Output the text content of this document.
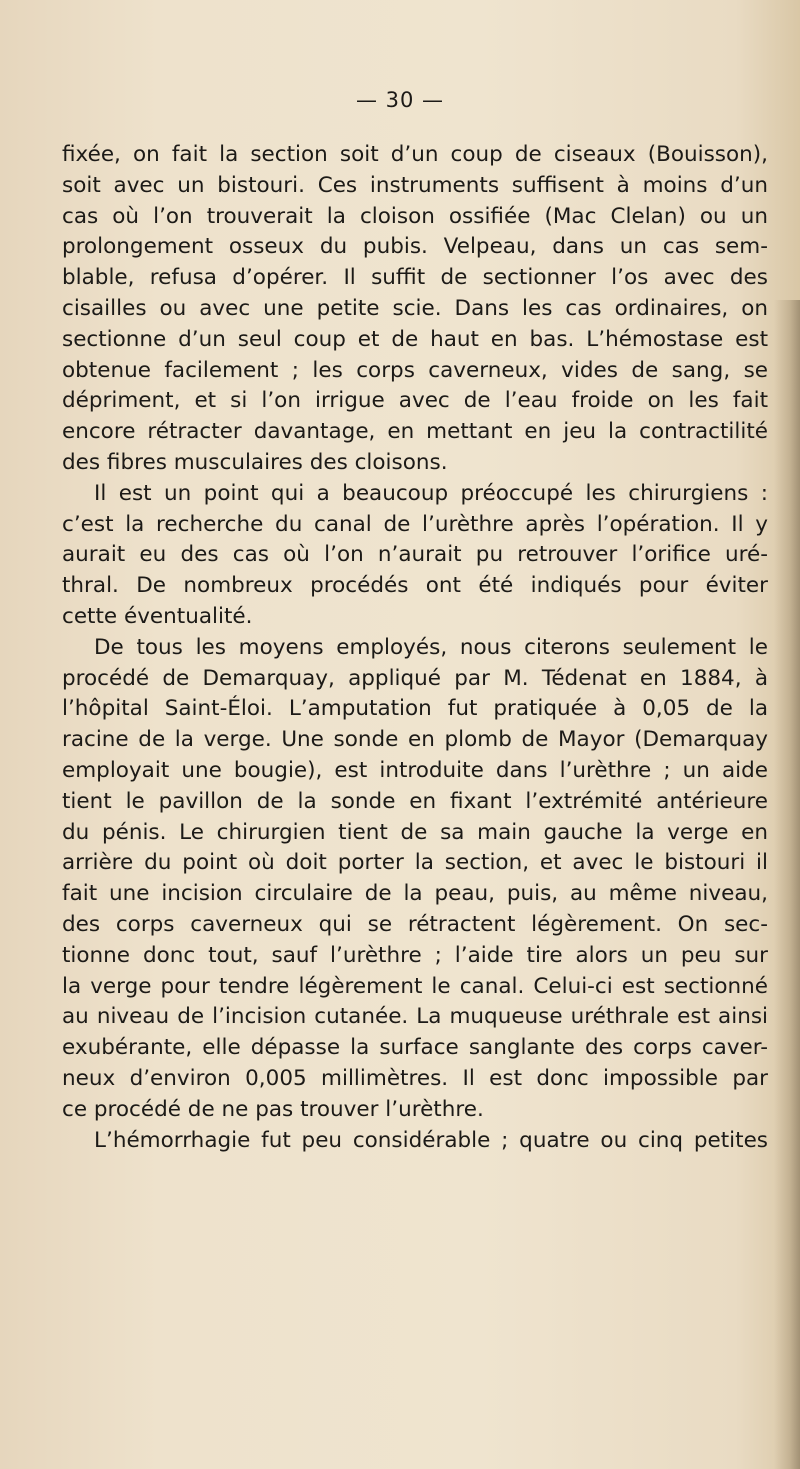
— 30 —
fixée, on fait la section soit d’un coup de ciseaux (Bouisson),
soit avec un bistouri. Ces instruments suffisent à moins d’un
cas où l’on trouverait la cloison ossifiée (Mac Clelan) ou un
prolongement osseux du pubis. Velpeau, dans un cas sem-
blable, refusa d’opérer. Il suffit de sectionner l’os avec des
cisailles ou avec une petite scie. Dans les cas ordinaires, on
sectionne d’un seul coup et de haut en bas. L’hémostase est
obtenue facilement ; les corps caverneux, vides de sang, se
dépriment, et si l’on irrigue avec de l’eau froide on les fait
encore rétracter davantage, en mettant en jeu la contractilité
des fibres musculaires des cloisons.
Il est un point qui a beaucoup préoccupé les chirurgiens :
c’est la recherche du canal de l’urèthre après l’opération. Il y
aurait eu des cas où l’on n’aurait pu retrouver l’orifice uré-
thral. De nombreux procédés ont été indiqués pour éviter
cette éventualité.
De tous les moyens employés, nous citerons seulement le
procédé de Demarquay, appliqué par M. Tédenat en 1884, à
l’hôpital Saint-Éloi. L’amputation fut pratiquée à 0,05 de la
racine de la verge. Une sonde en plomb de Mayor (Demarquay
employait une bougie), est introduite dans l’urèthre ; un aide
tient le pavillon de la sonde en fixant l’extrémité antérieure
du pénis. Le chirurgien tient de sa main gauche la verge en
arrière du point où doit porter la section, et avec le bistouri il
fait une incision circulaire de la peau, puis, au même niveau,
des corps caverneux qui se rétractent légèrement. On sec-
tionne donc tout, sauf l’urèthre ; l’aide tire alors un peu sur
la verge pour tendre légèrement le canal. Celui-ci est sectionné
au niveau de l’incision cutanée. La muqueuse uréthrale est ainsi
exubérante, elle dépasse la surface sanglante des corps caver-
neux d’environ 0,005 millimètres. Il est donc impossible par
ce procédé de ne pas trouver l’urèthre.
L’hémorrhagie fut peu considérable ; quatre ou cinq petites
